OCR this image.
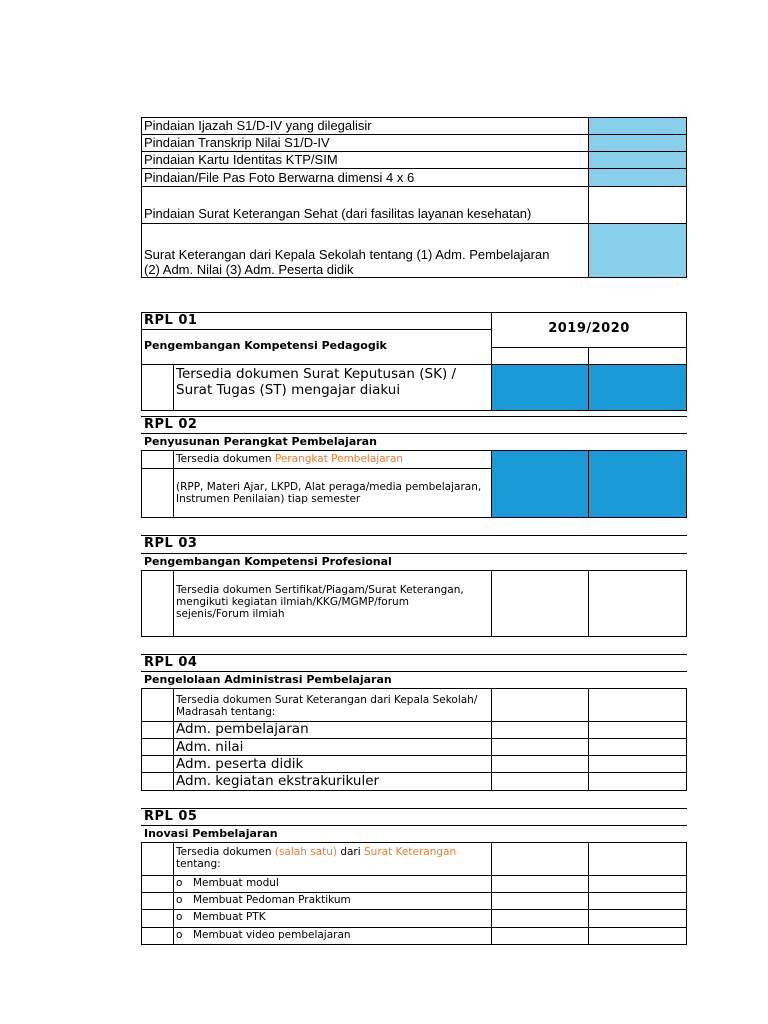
Pindaian Ijazah S1/D-IV yang dilegalisir
Pindaian Transkrip Nilai S1/D-IV
Pindaian Kartu Identitas KTP/SIM
Pindaian/File Pas Foto Berwarna dimensi 4 x 6
Pindaian Surat Keterangan Sehat (dari fasilitas layanan kesehatan)
Surat Keterangan dari Kepala Sekolah tentang (1) Adm. Pembelajaran
(2) Adm. Nilai (3) Adm. Peserta didik
RPL 01
Pengembangan Kompetensi Pedagogik
2019/2020
Tersedia dokumen Surat Keputusan (SK) /
Surat Tugas (ST) mengajar diakui
RPL 02
Penyusunan Perangkat Pembelajaran
Tersedia dokumen Perangkat Pembelajaran
(RPP, Materi Ajar, LKPD, Alat peraga/media pembelajaran,
Instrumen Penilaian) tiap semester
RPL 03
Pengembangan Kompetensi Profesional
Tersedia dokumen Sertifikat/Piagam/Surat Keterangan,
mengikuti kegiatan ilmiah/KKG/MGMP/forum
sejenis/Forum ilmiah
RPL 04
Pengelolaan Administrasi Pembelajaran
Tersedia dokumen Surat Keterangan dari Kepala Sekolah/
Madrasah tentang:
Adm. pembelajaran
Adm. nilai
Adm. peserta didik
Adm. kegiatan ekstrakurikuler
RPL 05
Inovasi Pembelajaran
Tersedia dokumen (salah satu) dari Surat Keterangan
tentang:
o Membuat modul
o Membuat Pedoman Praktikum
o Membuat PTK
o Membuat video pembelajaran
